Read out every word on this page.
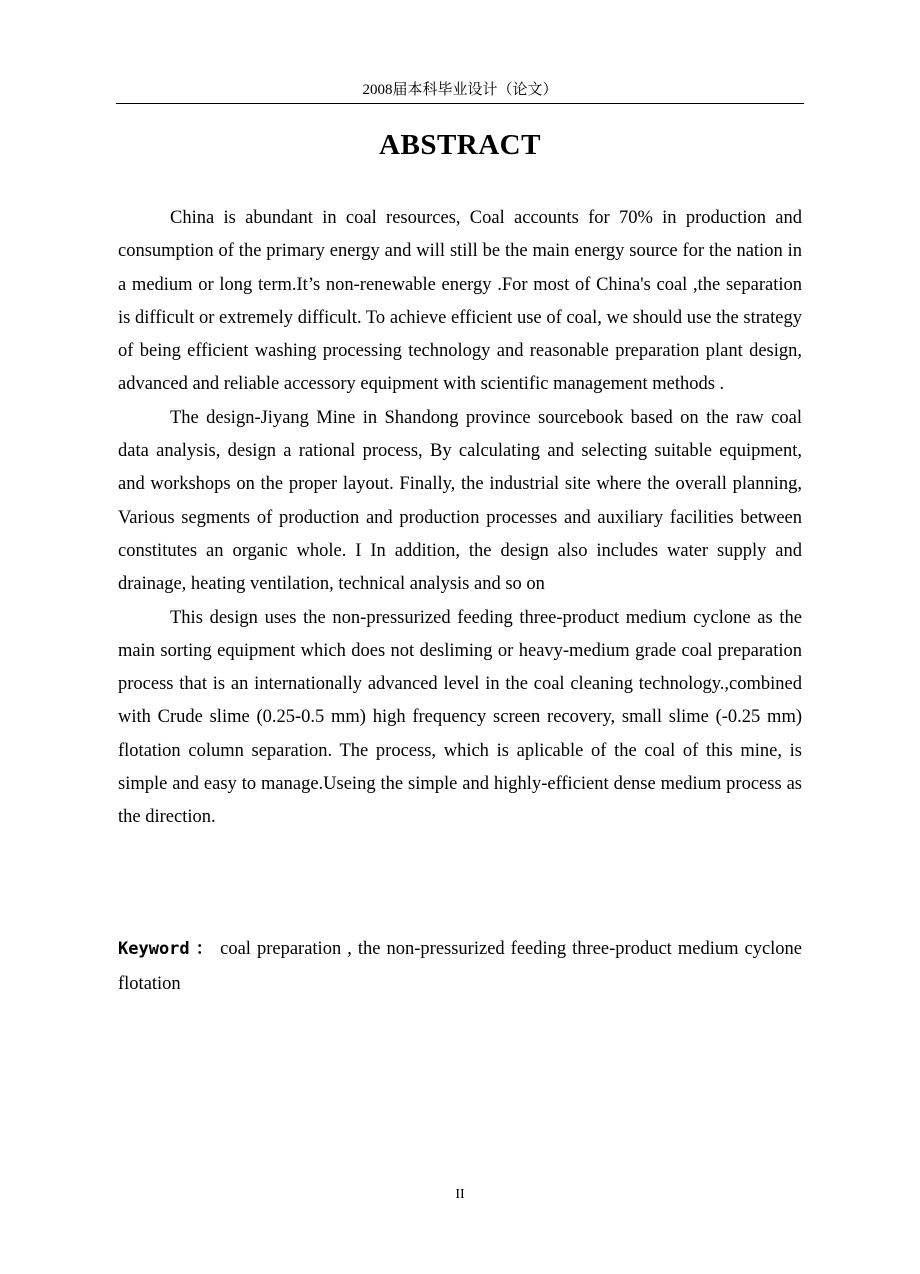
2008届本科毕业设计（论文）
ABSTRACT

China is abundant in coal resources, Coal accounts for 70% in production and consumption of the primary energy and will still be the main energy source for the nation in a medium or long term.It’s non-renewable energy .For most of China's coal ,the separation is difficult or extremely difficult. To achieve efficient use of coal, we should use the strategy of being efficient washing processing technology and reasonable preparation plant design, advanced and reliable accessory equipment with scientific management methods .

The design-Jiyang Mine in Shandong province sourcebook based on the raw coal data analysis, design a rational process, By calculating and selecting suitable equipment, and workshops on the proper layout. Finally, the industrial site where the overall planning, Various segments of production and production processes and auxiliary facilities between constitutes an organic whole. I In addition, the design also includes water supply and drainage, heating ventilation, technical analysis and so on

This design uses the non-pressurized feeding three-product medium cyclone as the main sorting equipment which does not desliming or heavy-medium grade coal preparation process that is an internationally advanced level in the coal cleaning technology.,combined with Crude slime (0.25-0.5 mm) high frequency screen recovery, small slime (-0.25 mm) flotation column separation. The process, which is aplicable of the coal of this mine, is simple and easy to manage.Useing the simple and highly-efficient dense medium process as the direction.

Keyword ： coal preparation , the non-pressurized feeding three-product medium cyclone　flotation
II
